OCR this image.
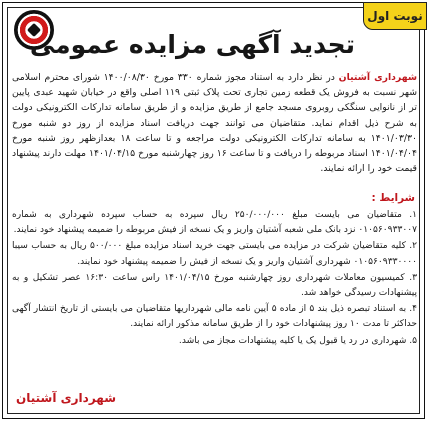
نوبت اول
تجدید آگهی مزایده عمومی

شهرداری آشتیان در نظر دارد به استناد مجوز شماره ۳۳۰ مورخ ۱۴۰۰/۰۸/۳۰ شورای محترم اسلامی شهر نسبت به فروش یک قطعه زمین تجاری تحت پلاک ثبتی ۱۱۹ اصلی واقع در خیابان شهید عبدی پایین تر از نانوایی سنگکی روبروی مسجد جامع از طریق مزایده و از طریق سامانه تدارکات الکترونیکی دولت به شرح ذیل اقدام نماید. متقاضیان می توانند جهت دریافت اسناد مزایده از روز دو شنبه مورخ ۱۴۰۱/۰۳/۳۰ به سامانه تدارکات الکترونیکی دولت مراجعه و تا ساعت ۱۸ بعدازظهر روز شنبه مورخ ۱۴۰۱/۰۴/۰۴ اسناد مربوطه را دریافت و تا ساعت ۱۶ روز چهارشنبه مورخ ۱۴۰۱/۰۴/۱۵ مهلت دارند پیشنهاد قیمت خود را ارائه نمایند.

شرایط :
۱. متقاضیان می بایست مبلغ ۲۵۰/۰۰۰/۰۰۰ ریال سپرده به حساب سپرده شهرداری به شماره ۰۱۰۵۶۰۹۳۳۰۰۷ نزد بانک ملی شعبه آشتیان واریز و یک نسخه از فیش مربوطه را ضمیمه پیشنهاد خود نمایند.
۲. کلیه متقاضیان شرکت در مزایده می بایستی جهت خرید اسناد مزایده مبلغ ۵۰۰/۰۰۰ ریال به حساب سیبا ۰۱۰۵۶۰۹۳۳۰۰۰۰ شهرداری آشتیان واریز و یک نسخه از فیش را ضمیمه پیشنهاد خود نمایند.
۳. کمیسیون معاملات شهرداری روز چهارشنبه مورخ ۱۴۰۱/۰۴/۱۵ راس ساعت ۱۶:۳۰ عصر تشکیل و به پیشنهادات رسیدگی خواهد شد.
۴. به استناد تبصره ذیل بند ۵ از ماده ۵ آیین نامه مالی شهرداریها متقاضیان می بایستی از تاریخ انتشار آگهی حداکثر تا مدت ۱۰ روز پیشنهادات خود را از طریق سامانه مذکور ارائه نمایند.
۵. شهرداری در رد یا قبول یک یا کلیه پیشنهادات مجاز می باشد.
شهرداری آشتیان
